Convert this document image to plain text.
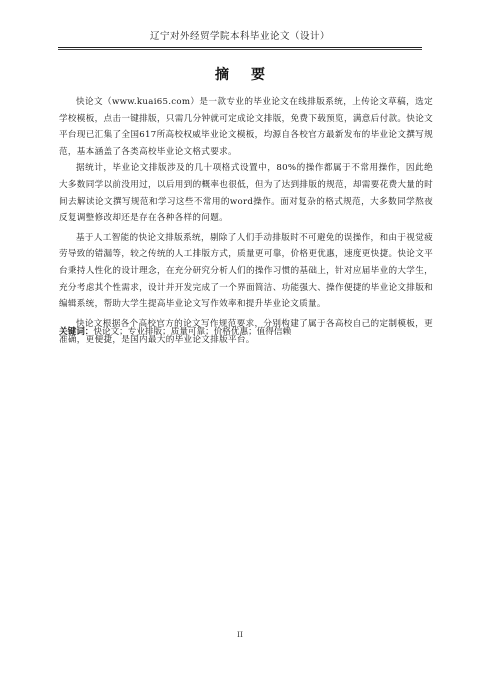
辽宁对外经贸学院本科毕业论文（设计）
摘要

快论文（www.kuai65.com）是一款专业的毕业论文在线排版系统，上传论文草稿，选定学校模板，点击一键排版，只需几分钟就可定成论文排版，免费下载预览，满意后付款。快论文平台现已汇集了全国617所高校权威毕业论文模板，均源自各校官方最新发布的毕业论文撰写规范，基本涵盖了各类高校毕业论文格式要求。

据统计，毕业论文排版涉及的几十项格式设置中，80%的操作都属于不常用操作，因此绝大多数同学以前没用过，以后用到的概率也很低，但为了达到排版的规范，却需要花费大量的时间去解读论文撰写规范和学习这些不常用的word操作。面对复杂的格式规范，大多数同学熬夜反复调整修改却还是存在各种各样的问题。

基于人工智能的快论文排版系统，剔除了人们手动排版时不可避免的误操作，和由于视觉疲劳导致的错漏等，较之传统的人工排版方式，质量更可靠，价格更优惠，速度更快捷。快论文平台秉持人性化的设计理念，在充分研究分析人们的操作习惯的基础上，针对应届毕业的大学生，充分考虑其个性需求，设计并开发完成了一个界面简洁、功能强大、操作便捷的毕业论文排版和编辑系统，帮助大学生提高毕业论文写作效率和提升毕业论文质量。

快论文根据各个高校官方的论文写作规范要求，分别构建了属于各高校自己的定制模板，更准确，更便捷，是国内最大的毕业论文排版平台。

关键词：快论文；专业排版；质量可靠；价格优惠；值得信赖
II
